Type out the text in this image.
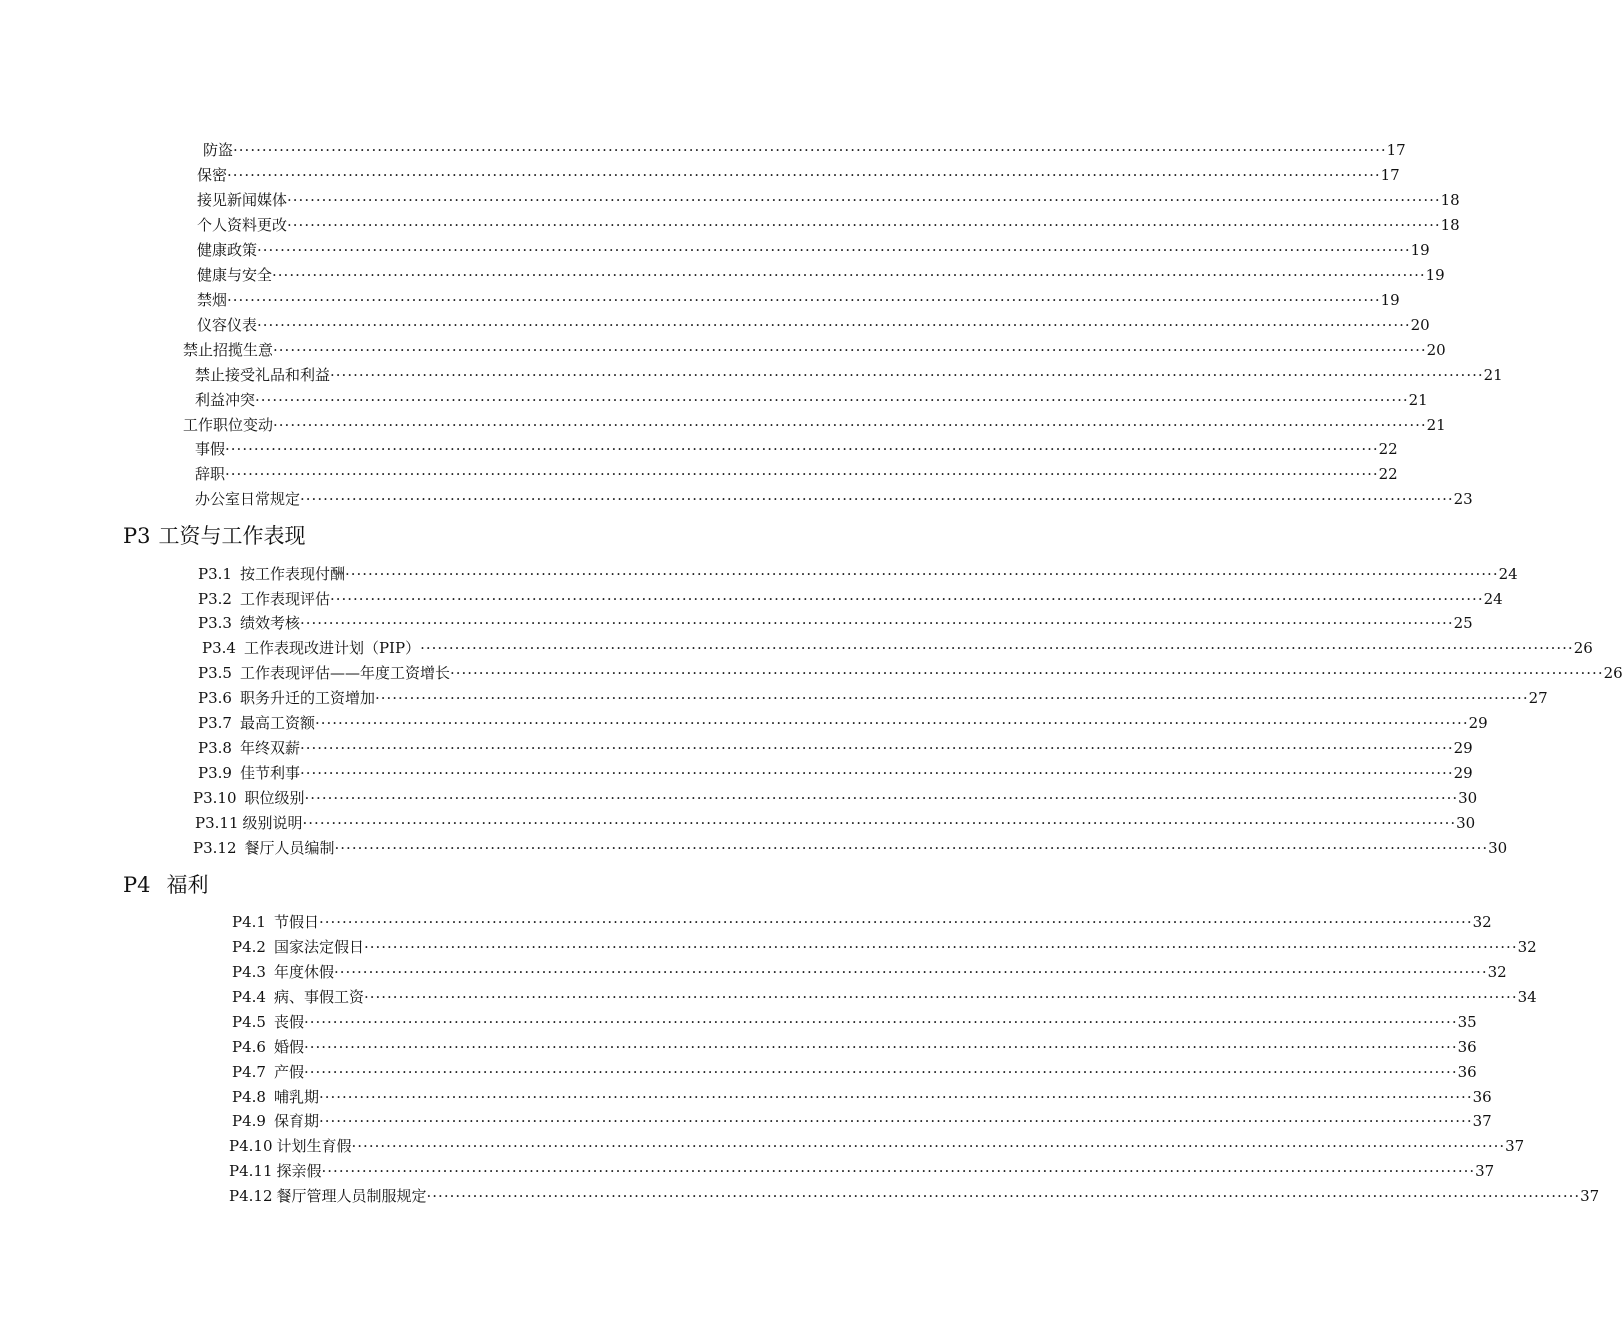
防盗 ········································································································································································································ 17
保密 ········································································································································································································ 17
接见新闻媒体 ········································································································································································································ 18
个人资料更改 ········································································································································································································ 18
健康政策 ········································································································································································································ 19
健康与安全 ········································································································································································································ 19
禁烟 ········································································································································································································ 19
仪容仪表 ········································································································································································································ 20
禁止招揽生意 ········································································································································································································ 20
禁止接受礼品和利益 ········································································································································································································ 21
利益冲突 ········································································································································································································ 21
工作职位变动 ········································································································································································································ 21
事假 ········································································································································································································ 22
辞职 ········································································································································································································ 22
办公室日常规定 ········································································································································································································ 23
P3 工资与工作表现
P3.1 按工作表现付酬 ········································································································································································································ 24
P3.2 工作表现评估 ········································································································································································································ 24
P3.3 绩效考核 ········································································································································································································ 25
P3.4 工作表现改进计划（PIP） ········································································································································································································ 26
P3.5 工作表现评估——年度工资增长 ········································································································································································································ 26
P3.6 职务升迁的工资增加 ········································································································································································································ 27
P3.7 最高工资额 ········································································································································································································ 29
P3.8 年终双薪 ········································································································································································································ 29
P3.9 佳节利事 ········································································································································································································ 29
P3.10 职位级别 ········································································································································································································ 30
P3.11 级别说明 ········································································································································································································ 30
P3.12 餐厅人员编制 ········································································································································································································ 30
P4 福利
P4.1 节假日 ········································································································································································································ 32
P4.2 国家法定假日 ········································································································································································································ 32
P4.3 年度休假 ········································································································································································································ 32
P4.4 病、事假工资 ········································································································································································································ 34
P4.5 丧假 ········································································································································································································ 35
P4.6 婚假 ········································································································································································································ 36
P4.7 产假 ········································································································································································································ 36
P4.8 哺乳期 ········································································································································································································ 36
P4.9 保育期 ········································································································································································································ 37
P4.10 计划生育假 ········································································································································································································ 37
P4.11 探亲假 ········································································································································································································ 37
P4.12 餐厅管理人员制服规定 ········································································································································································································ 37
